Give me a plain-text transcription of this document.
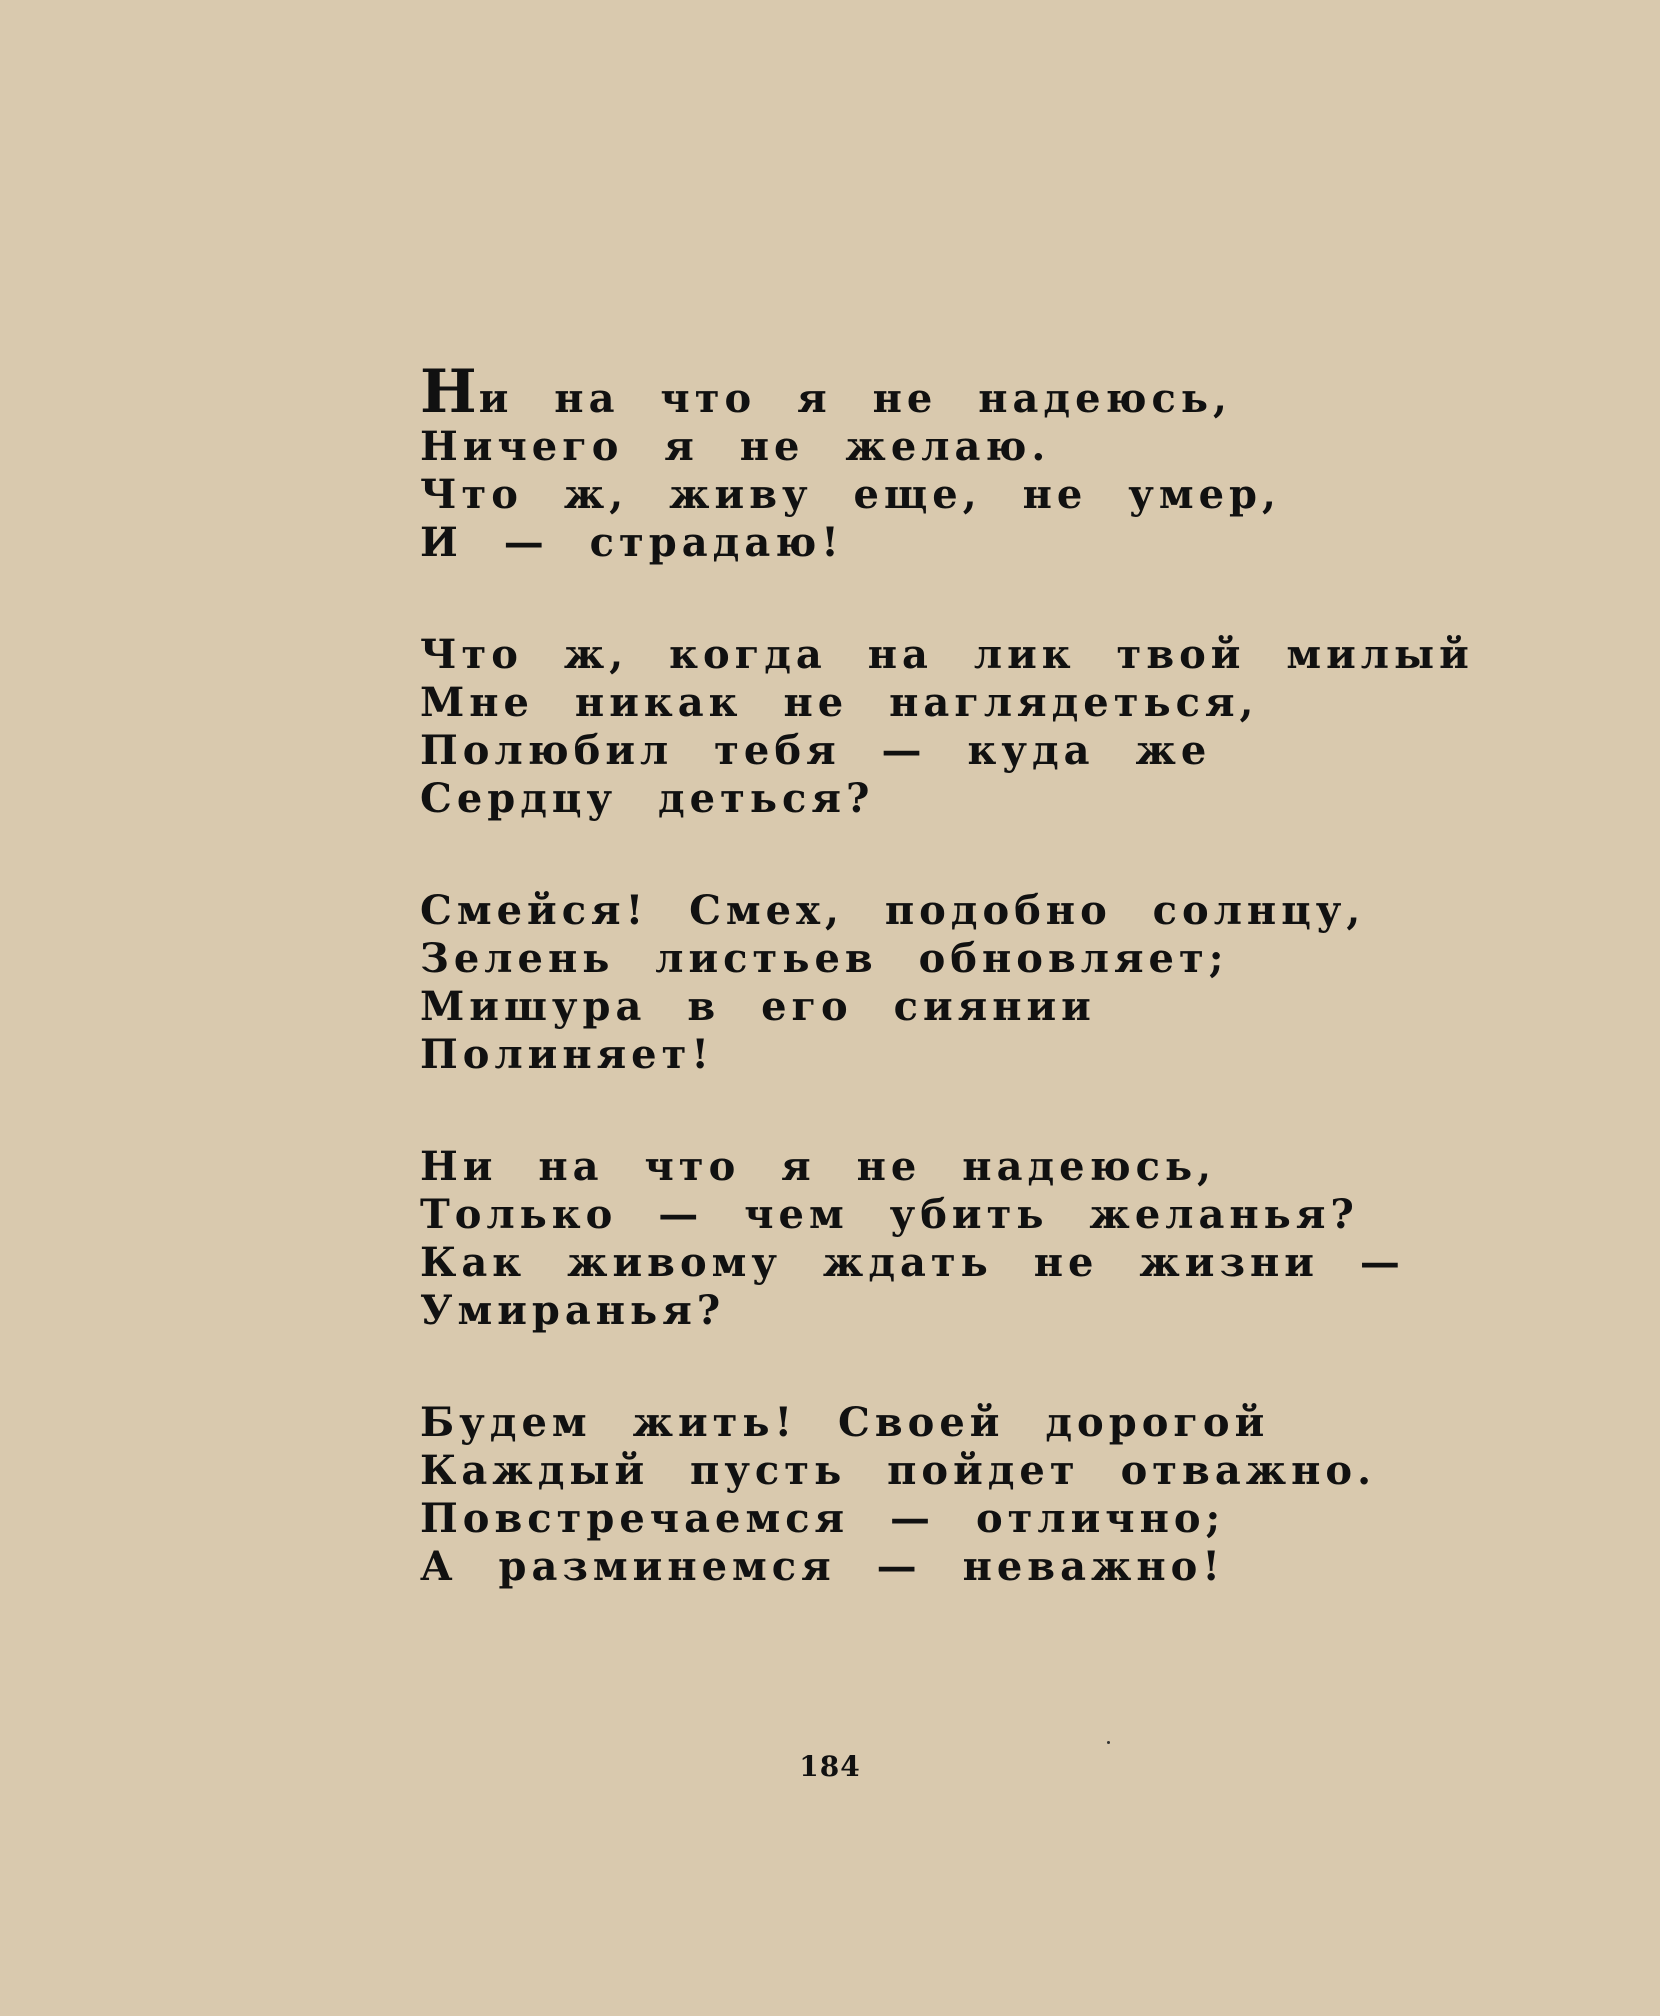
Ни на что я не надеюсь,
Ничего я не желаю.
Что ж, живу еще, не умер,
И — страдаю!
Что ж, когда на лик твой милый
Мне никак не наглядеться,
Полюбил тебя — куда же
Сердцу деться?
Смейся! Смех, подобно солнцу,
Зелень листьев обновляет;
Мишура в его сиянии
Полиняет!
Ни на что я не надеюсь,
Только — чем убить желанья?
Как живому ждать не жизни —
Умиранья?
Будем жить! Своей дорогой
Каждый пусть пойдет отважно.
Повстречаемся — отлично;
А разминемся — неважно!
184
